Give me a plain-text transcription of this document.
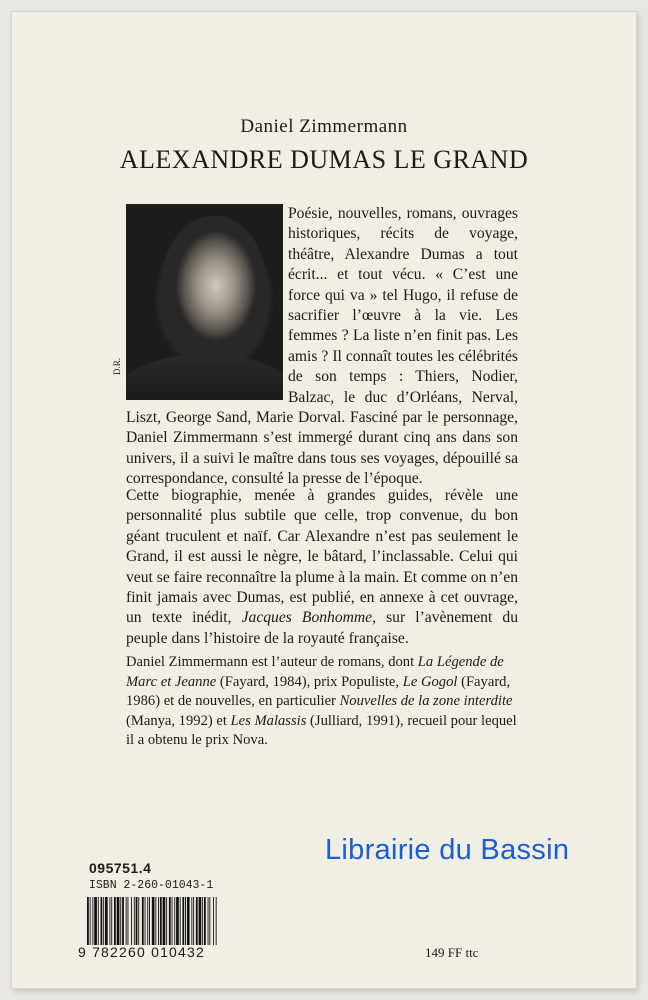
Daniel Zimmermann
ALEXANDRE DUMAS LE GRAND
D.R.

Poésie, nouvelles, romans, ouvrages historiques, récits de voyage, théâtre, Alexandre Dumas a tout écrit... et tout vécu. « C’est une force qui va » tel Hugo, il refuse de sacrifier l’œuvre à la vie. Les femmes ? La liste n’en finit pas. Les amis ? Il connaît toutes les célébrités de son temps : Thiers, Nodier, Balzac, le duc d’Orléans, Nerval, Liszt, George Sand, Marie Dorval. Fasciné par le personnage, Daniel Zimmermann s’est immergé durant cinq ans dans son univers, il a suivi le maître dans tous ses voyages, dépouillé sa correspondance, consulté la presse de l’époque.

Cette biographie, menée à grandes guides, révèle une personnalité plus subtile que celle, trop convenue, du bon géant truculent et naïf. Car Alexandre n’est pas seulement le Grand, il est aussi le nègre, le bâtard, l’inclassable. Celui qui veut se faire reconnaître la plume à la main. Et comme on n’en finit jamais avec Dumas, est publié, en annexe à cet ouvrage, un texte inédit, Jacques Bonhomme, sur l’avènement du peuple dans l’histoire de la royauté française.

Daniel Zimmermann est l’auteur de romans, dont La Légende de Marc et Jeanne (Fayard, 1984), prix Populiste, Le Gogol (Fayard, 1986) et de nouvelles, en particulier Nouvelles de la zone interdite (Manya, 1992) et Les Malassis (Julliard, 1991), recueil pour lequel il a obtenu le prix Nova.

Librairie du Bassin
095751.4
ISBN 2-260-01043-1
9 782260 010432	149 FF ttc
